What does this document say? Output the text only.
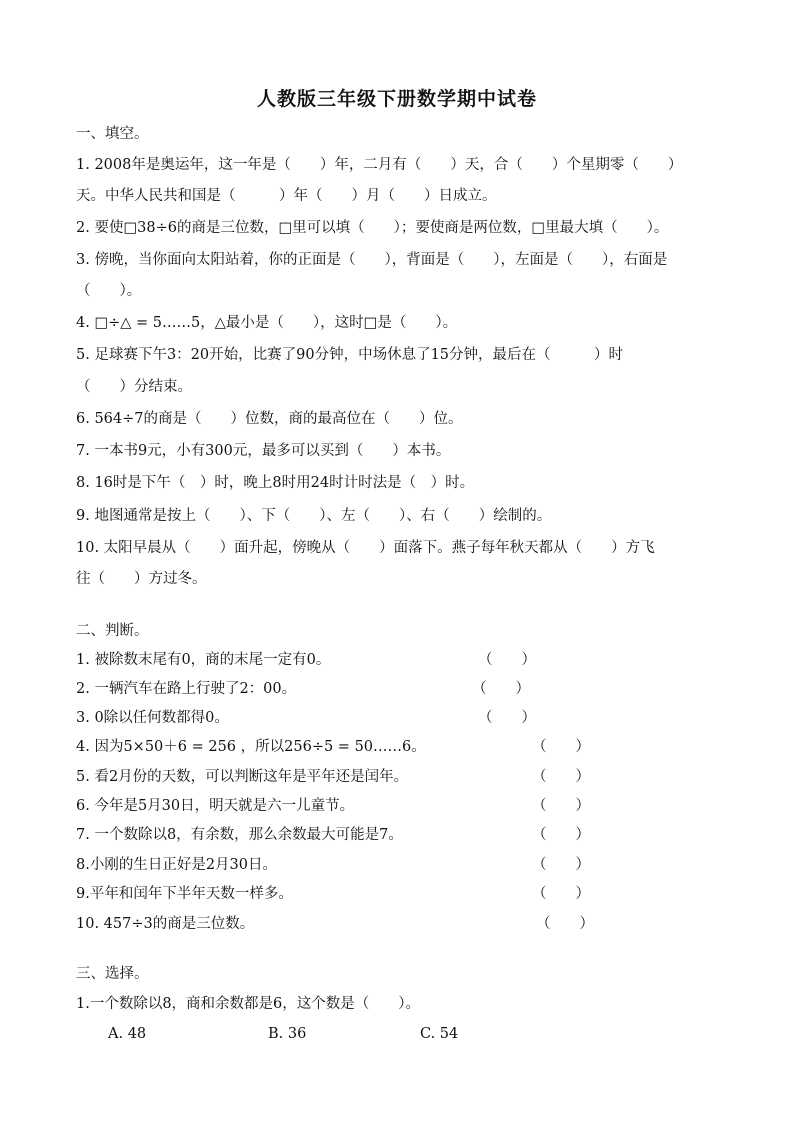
人教版三年级下册数学期中试卷
一、填空。
1. 2008年是奥运年，这一年是（　　）年，二月有（　　）天，合（　　）个星期零（　　）
天。中华人民共和国是（　　　）年（　　）月（　　）日成立。
2. 要使□38÷6的商是三位数，□里可以填（　　）；要使商是两位数，□里最大填（　　）。
3. 傍晚，当你面向太阳站着，你的正面是（　　），背面是（　　），左面是（　　），右面是
（　　）。
4. □÷△ = 5……5，△最小是（　　），这时□是（　　）。
5. 足球赛下午3：20开始，比赛了90分钟，中场休息了15分钟，最后在（　　　）时
（　　）分结束。
6. 564÷7的商是（　　）位数，商的最高位在（　　）位。
7. 一本书9元，小有300元，最多可以买到（　　）本书。
8. 16时是下午（　）时，晚上8时用24时计时法是（　）时。
9. 地图通常是按上（　　）、下（　　）、左（　　）、右（　　）绘制的。
10. 太阳早晨从（　　）面升起，傍晚从（　　）面落下。燕子每年秋天都从（　　）方飞
往（　　）方过冬。
二、判断。
1. 被除数末尾有0，商的末尾一定有0。	（　　）
2. 一辆汽车在路上行驶了2：00。	（　　）
3. 0除以任何数都得0。	（　　）
4. 因为5×50＋6 = 256 ，所以256÷5 = 50……6。	（　　）
5. 看2月份的天数，可以判断这年是平年还是闰年。	（　　）
6. 今年是5月30日，明天就是六一儿童节。	（　　）
7. 一个数除以8，有余数，那么余数最大可能是7。	（　　）
8.小刚的生日正好是2月30日。	（　　）
9.平年和闰年下半年天数一样多。	（　　）
10. 457÷3的商是三位数。	（　　）
三、选择。
1.一个数除以8，商和余数都是6，这个数是（　　）。
A. 48	B. 36	C. 54
